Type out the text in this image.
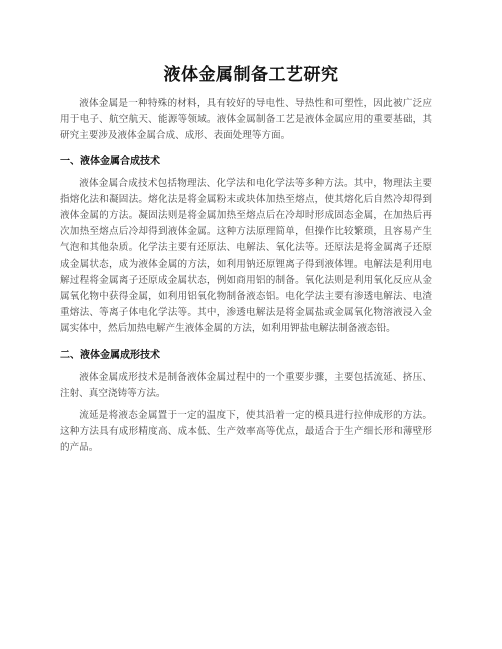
液体金属制备工艺研究

液体金属是一种特殊的材料，具有较好的导电性、导热性和可塑性，因此被广泛应用于电子、航空航天、能源等领域。液体金属制备工艺是液体金属应用的重要基础，其研究主要涉及液体金属合成、成形、表面处理等方面。

一、液体金属合成技术

液体金属合成技术包括物理法、化学法和电化学法等多种方法。其中，物理法主要指熔化法和凝固法。熔化法是将金属粉末或块体加热至熔点，使其熔化后自然冷却得到液体金属的方法。凝固法则是将金属加热至熔点后在冷却时形成固态金属，在加热后再次加热至熔点后冷却得到液体金属。这种方法原理简单，但操作比较繁琐，且容易产生气泡和其他杂质。化学法主要有还原法、电解法、氧化法等。还原法是将金属离子还原成金属状态，成为液体金属的方法，如利用钠还原锂离子得到液体锂。电解法是利用电解过程将金属离子还原成金属状态，例如商用铝的制备。氧化法则是利用氧化反应从金属氧化物中获得金属，如利用铝氧化物制备液态铝。电化学法主要有渗透电解法、电渣重熔法、等离子体电化学法等。其中，渗透电解法是将金属盐或金属氧化物溶液浸入金属实体中，然后加热电解产生液体金属的方法，如利用钾盐电解法制备液态铅。

二、液体金属成形技术

液体金属成形技术是制备液体金属过程中的一个重要步骤，主要包括流延、挤压、注射、真空浇铸等方法。

流延是将液态金属置于一定的温度下，使其沿着一定的模具进行拉伸成形的方法。这种方法具有成形精度高、成本低、生产效率高等优点，最适合于生产细长形和薄壁形的产品。
